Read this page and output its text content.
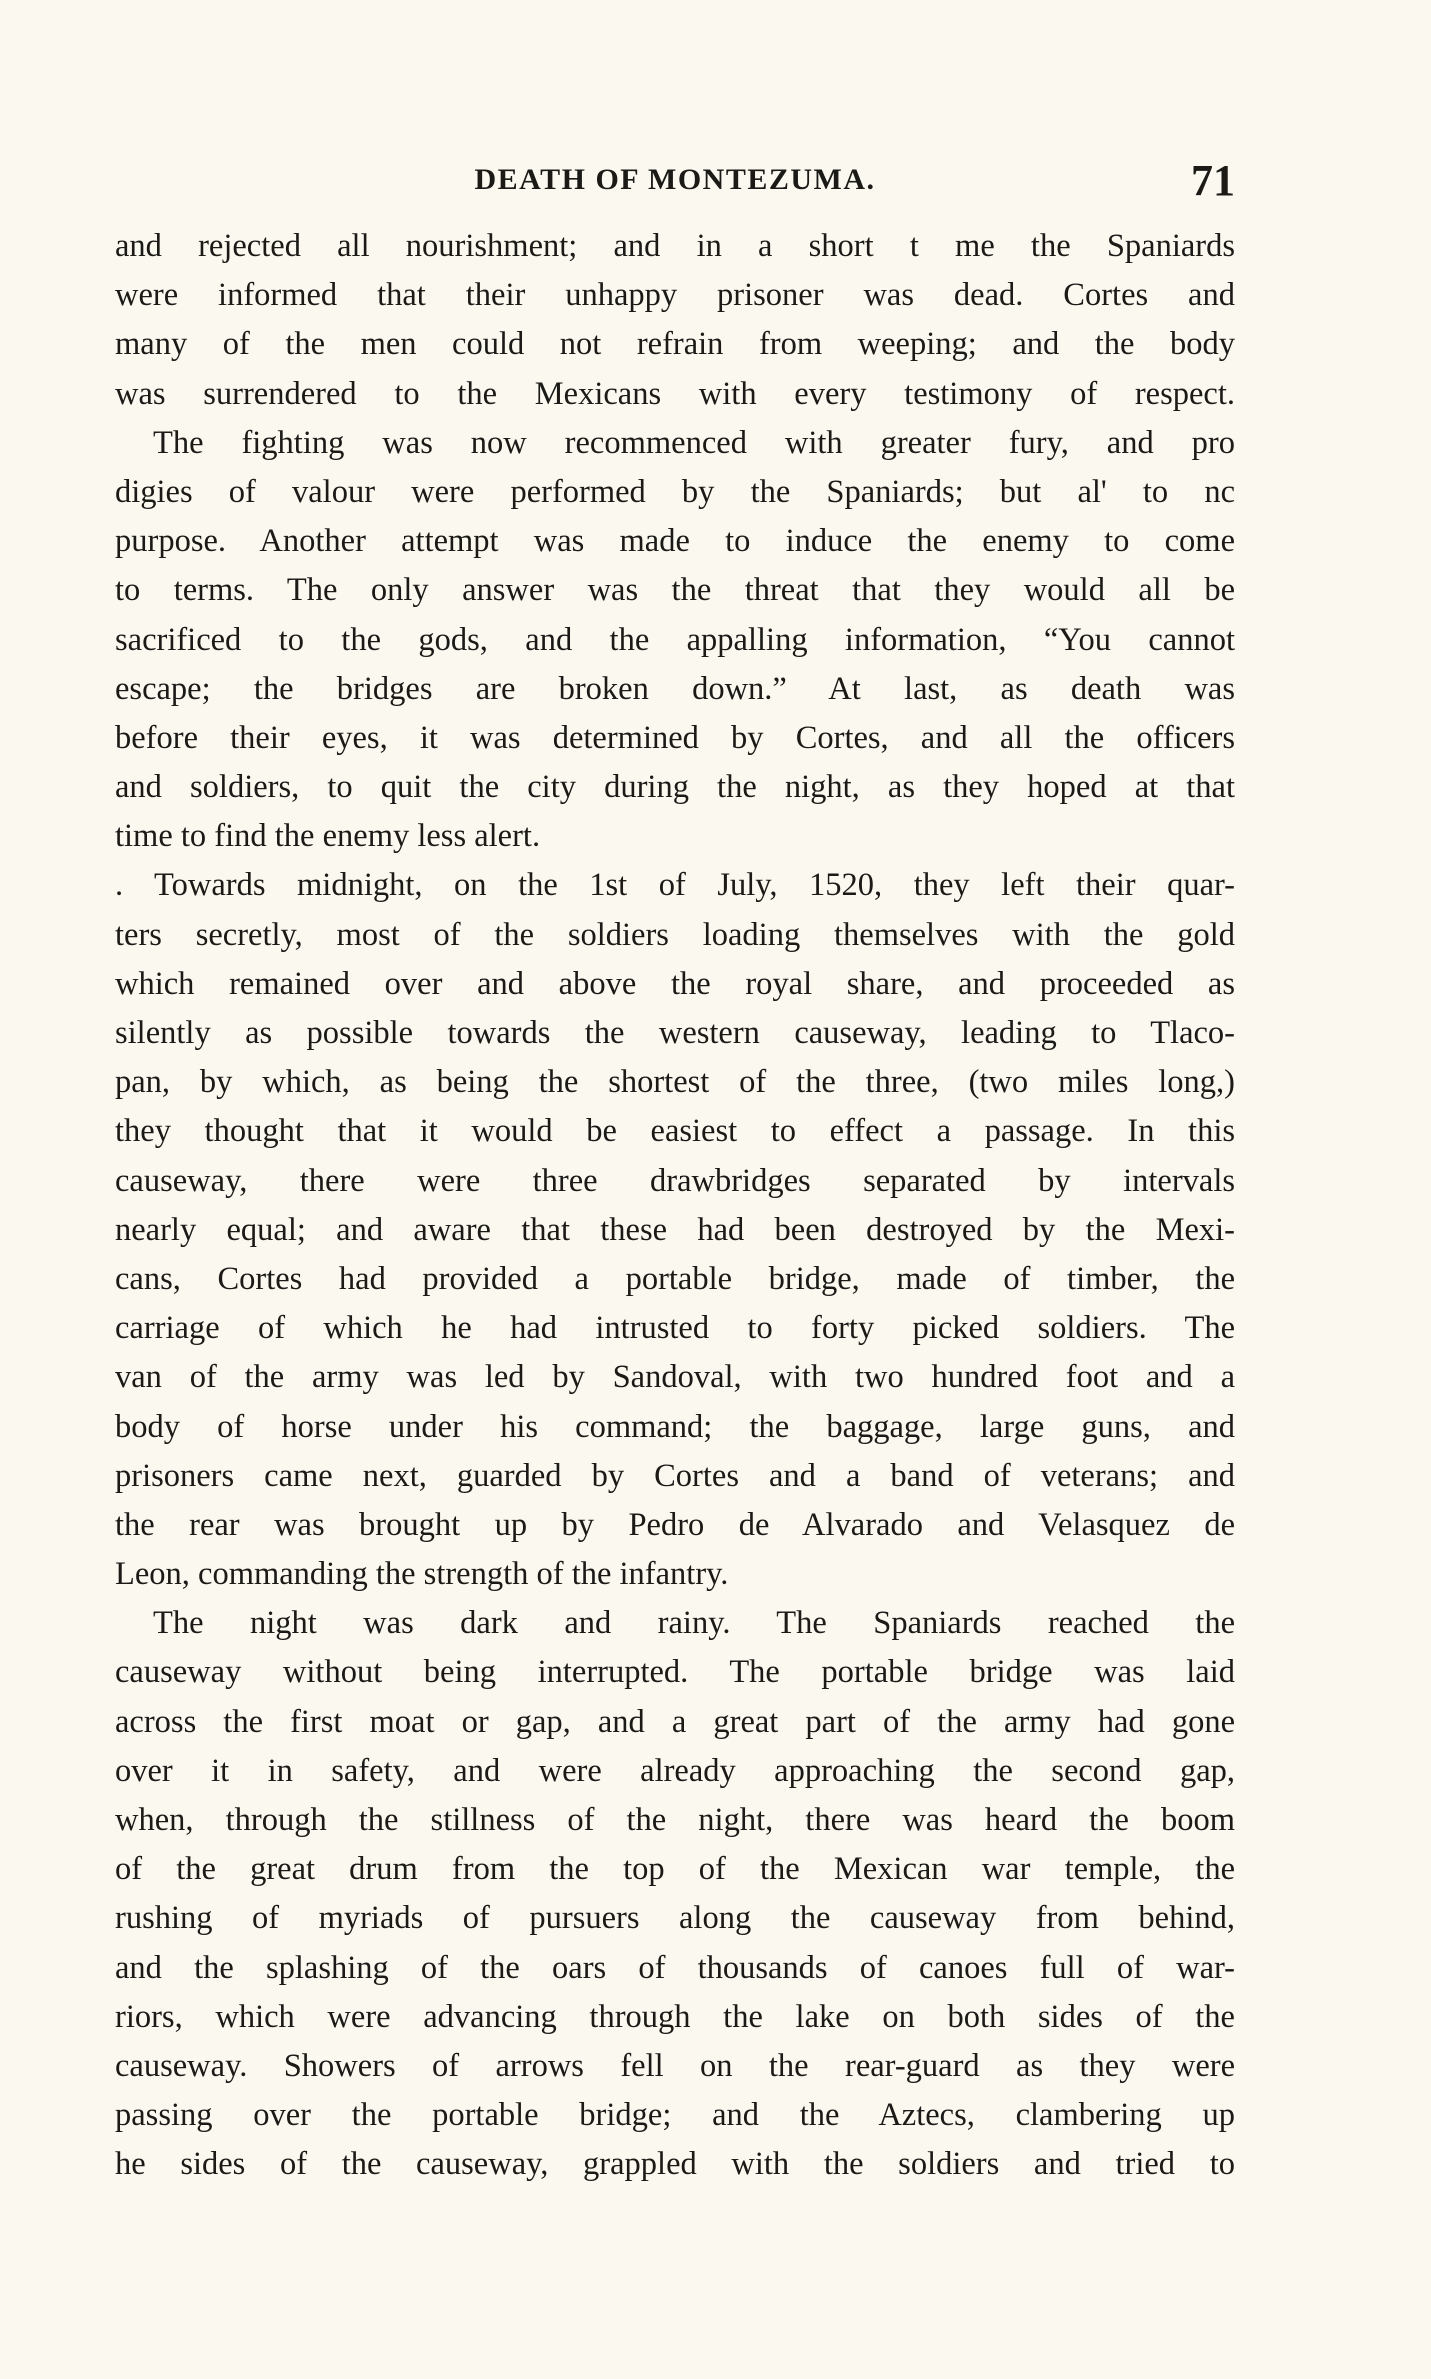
DEATH OF MONTEZUMA.	71
and rejected all nourishment; and in a short t me the Spaniards
were informed that their unhappy prisoner was dead. Cortes and
many of the men could not refrain from weeping; and the body
was surrendered to the Mexicans with every testimony of respect.
The fighting was now recommenced with greater fury, and pro
digies of valour were performed by the Spaniards; but al' to nc
purpose. Another attempt was made to induce the enemy to come
to terms. The only answer was the threat that they would all be
sacrificed to the gods, and the appalling information, “You cannot
escape; the bridges are broken down.” At last, as death was
before their eyes, it was determined by Cortes, and all the officers
and soldiers, to quit the city during the night, as they hoped at that
time to find the enemy less alert.
. Towards midnight, on the 1st of July, 1520, they left their quar-
ters secretly, most of the soldiers loading themselves with the gold
which remained over and above the royal share, and proceeded as
silently as possible towards the western causeway, leading to Tlaco-
pan, by which, as being the shortest of the three, (two miles long,)
they thought that it would be easiest to effect a passage. In this
causeway, there were three drawbridges separated by intervals
nearly equal; and aware that these had been destroyed by the Mexi-
cans, Cortes had provided a portable bridge, made of timber, the
carriage of which he had intrusted to forty picked soldiers. The
van of the army was led by Sandoval, with two hundred foot and a
body of horse under his command; the baggage, large guns, and
prisoners came next, guarded by Cortes and a band of veterans; and
the rear was brought up by Pedro de Alvarado and Velasquez de
Leon, commanding the strength of the infantry.
The night was dark and rainy. The Spaniards reached the
causeway without being interrupted. The portable bridge was laid
across the first moat or gap, and a great part of the army had gone
over it in safety, and were already approaching the second gap,
when, through the stillness of the night, there was heard the boom
of the great drum from the top of the Mexican war temple, the
rushing of myriads of pursuers along the causeway from behind,
and the splashing of the oars of thousands of canoes full of war-
riors, which were advancing through the lake on both sides of the
causeway. Showers of arrows fell on the rear-guard as they were
passing over the portable bridge; and the Aztecs, clambering up
he sides of the causeway, grappled with the soldiers and tried to
